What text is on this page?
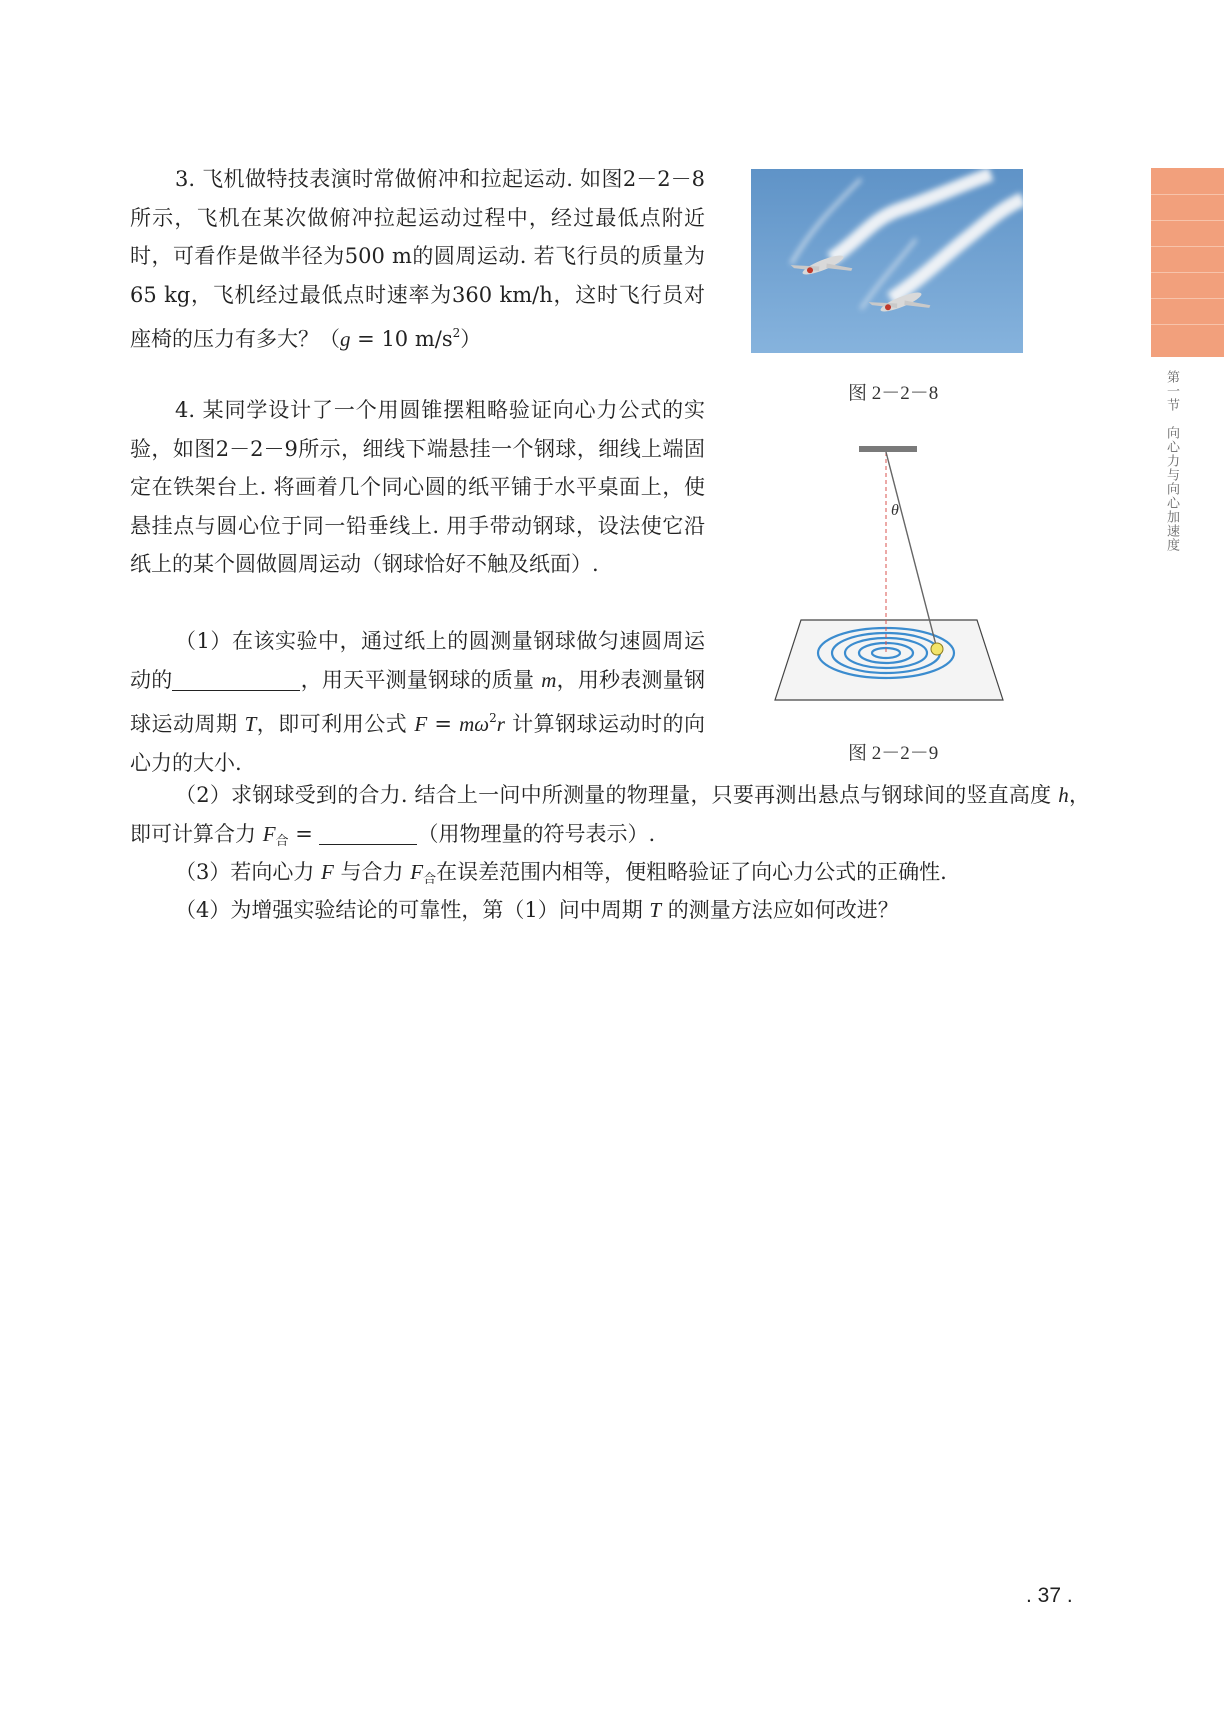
3. 飞机做特技表演时常做俯冲和拉起运动. 如图2－2－8所示，飞机在某次做俯冲拉起运动过程中，经过最低点附近时，可看作是做半径为500 m的圆周运动. 若飞行员的质量为65 kg，飞机经过最低点时速率为360 km/h，这时飞行员对座椅的压力有多大？（g = 10 $m/s^2$）

4. 某同学设计了一个用圆锥摆粗略验证向心力公式的实验，如图2－2－9所示，细线下端悬挂一个钢球，细线上端固定在铁架台上. 将画着几个同心圆的纸平铺于水平桌面上，使悬挂点与圆心位于同一铅垂线上. 用手带动钢球，设法使它沿纸上的某个圆做圆周运动（钢球恰好不触及纸面）.

（1）在该实验中，通过纸上的圆测量钢球做匀速圆周运动的	，用天平测量钢球的质量 m，用秒表测量钢球运动周期 T，即可利用公式 $F = m\omega^2r$ 计算钢球运动时的向心力的大小.

（2）求钢球受到的合力. 结合上一问中所测量的物理量，只要再测出悬点与钢球间的竖直高度 h，即可计算合力 $F_合$ =	（用物理量的符号表示）.

（3）若向心力 F 与合力 $F_合$在误差范围内相等，便粗略验证了向心力公式的正确性.

（4）为增强实验结论的可靠性，第（1）问中周期 T 的测量方法应如何改进？

图 2－2－8
θ
图 2－2－9
第一节　向心力与向心加速度
. 37 .
